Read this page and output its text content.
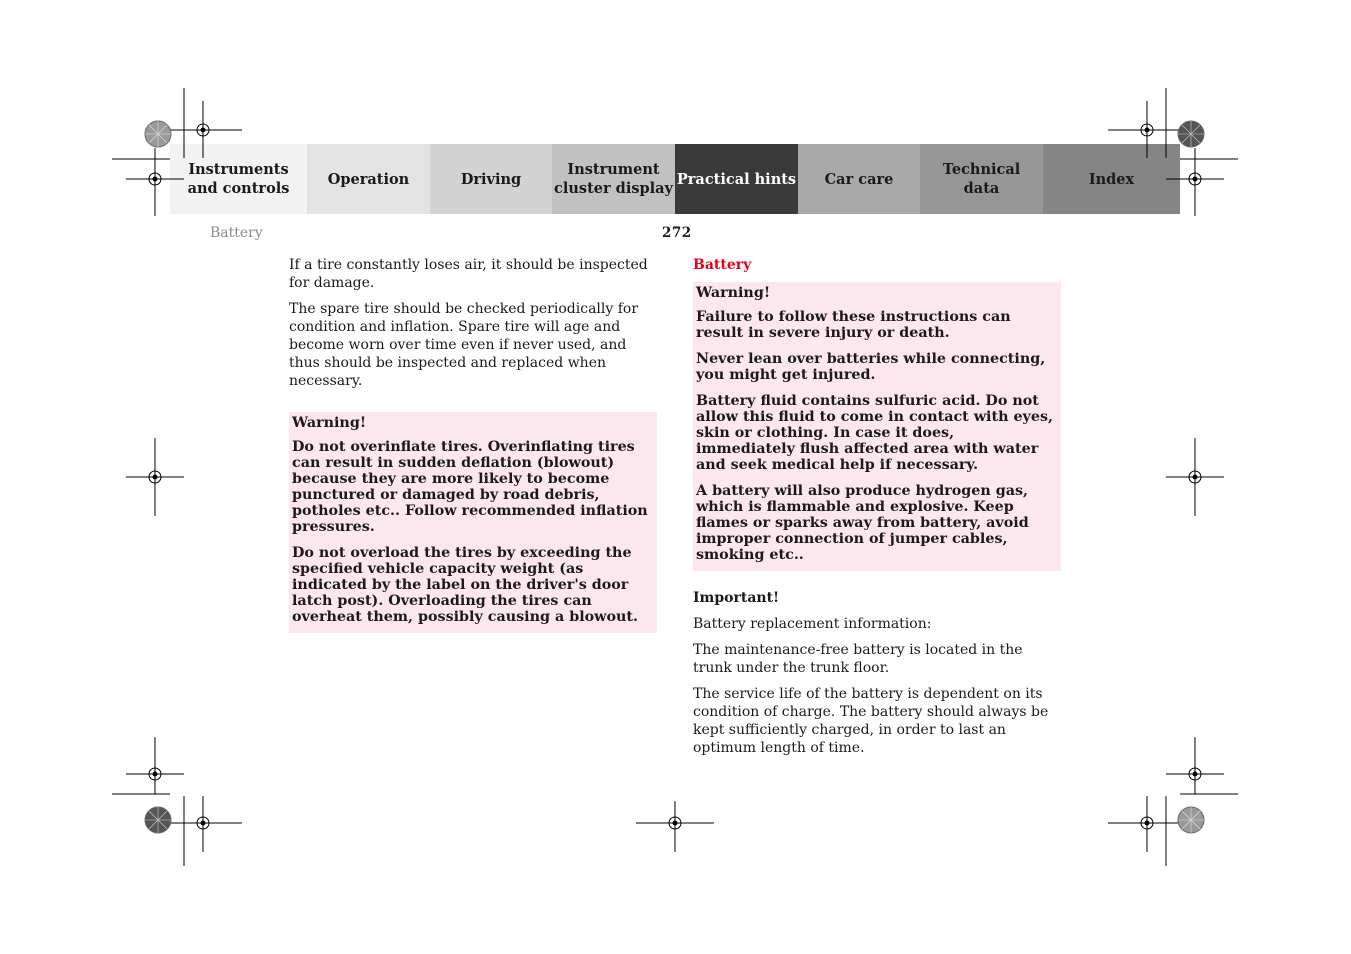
Instruments
and controls
Operation	Driving
Instrument
cluster display
Practical hints	Car care
Technical
data
Index
Battery	272

If a tire constantly loses air, it should be inspected for damage.

The spare tire should be checked periodically for condition and inflation. Spare tire will age and become worn over time even if never used, and thus should be inspected and replaced when necessary.

Warning!

Do not overinflate tires. Overinflating tires can result in sudden deflation (blowout) because they are more likely to become punctured or damaged by road debris, potholes etc.. Follow recommended inflation pressures.

Do not overload the tires by exceeding the specified vehicle capacity weight (as indicated by the label on the driver's door latch post). Overloading the tires can overheat them, possibly causing a blowout.

Battery

Warning!

Failure to follow these instructions can result in severe injury or death.

Never lean over batteries while connecting, you might get injured.

Battery fluid contains sulfuric acid. Do not allow this fluid to come in contact with eyes, skin or clothing. In case it does, immediately flush affected area with water and seek medical help if necessary.

A battery will also produce hydrogen gas, which is flammable and explosive. Keep flames or sparks away from battery, avoid improper connection of jumper cables, smoking etc..

Important!

Battery replacement information:

The maintenance-free battery is located in the trunk under the trunk floor.

The service life of the battery is dependent on its condition of charge. The battery should always be kept sufficiently charged, in order to last an optimum length of time.
